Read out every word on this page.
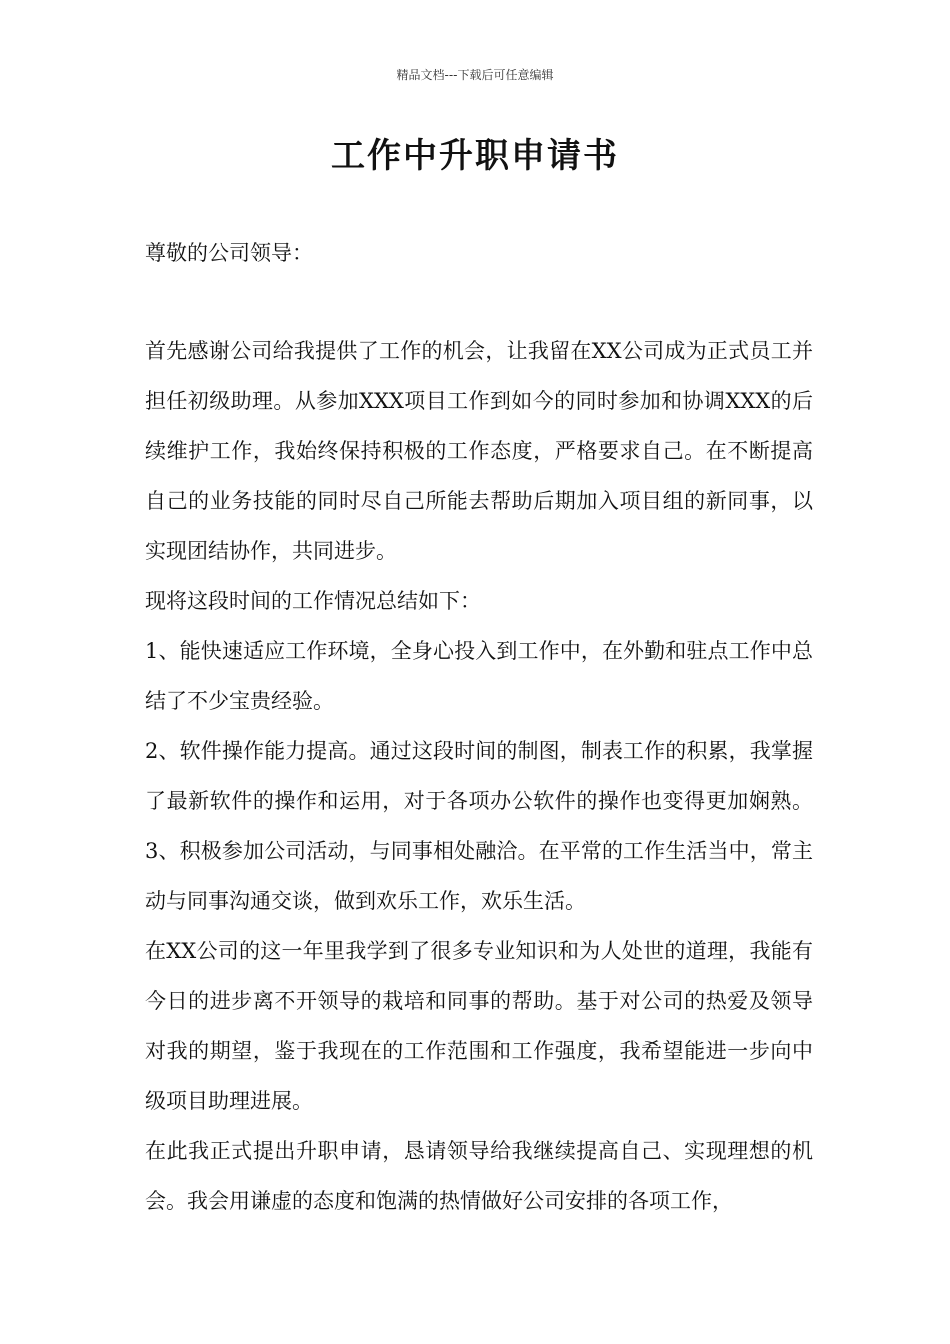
精品文档---下载后可任意编辑
工作中升职申请书
尊敬的公司领导：

首先感谢公司给我提供了工作的机会，让我留在XX公司成为正式员工并担任初级助理。从参加XXX项目工作到如今的同时参加和协调XXX的后续维护工作，我始终保持积极的工作态度，严格要求自己。在不断提高自己的业务技能的同时尽自己所能去帮助后期加入项目组的新同事，以实现团结协作，共同进步。

现将这段时间的工作情况总结如下：

1、能快速适应工作环境，全身心投入到工作中，在外勤和驻点工作中总结了不少宝贵经验。

2、软件操作能力提高。通过这段时间的制图，制表工作的积累，我掌握了最新软件的操作和运用，对于各项办公软件的操作也变得更加娴熟。 3、积极参加公司活动，与同事相处融洽。在平常的工作生活当中，常主动与同事沟通交谈，做到欢乐工作，欢乐生活。

在XX公司的这一年里我学到了很多专业知识和为人处世的道理，我能有今日的进步离不开领导的栽培和同事的帮助。基于对公司的热爱及领导对我的期望，鉴于我现在的工作范围和工作强度，我希望能进一步向中级项目助理进展。

在此我正式提出升职申请，恳请领导给我继续提高自己、实现理想的机会。我会用谦虚的态度和饱满的热情做好公司安排的各项工作，
